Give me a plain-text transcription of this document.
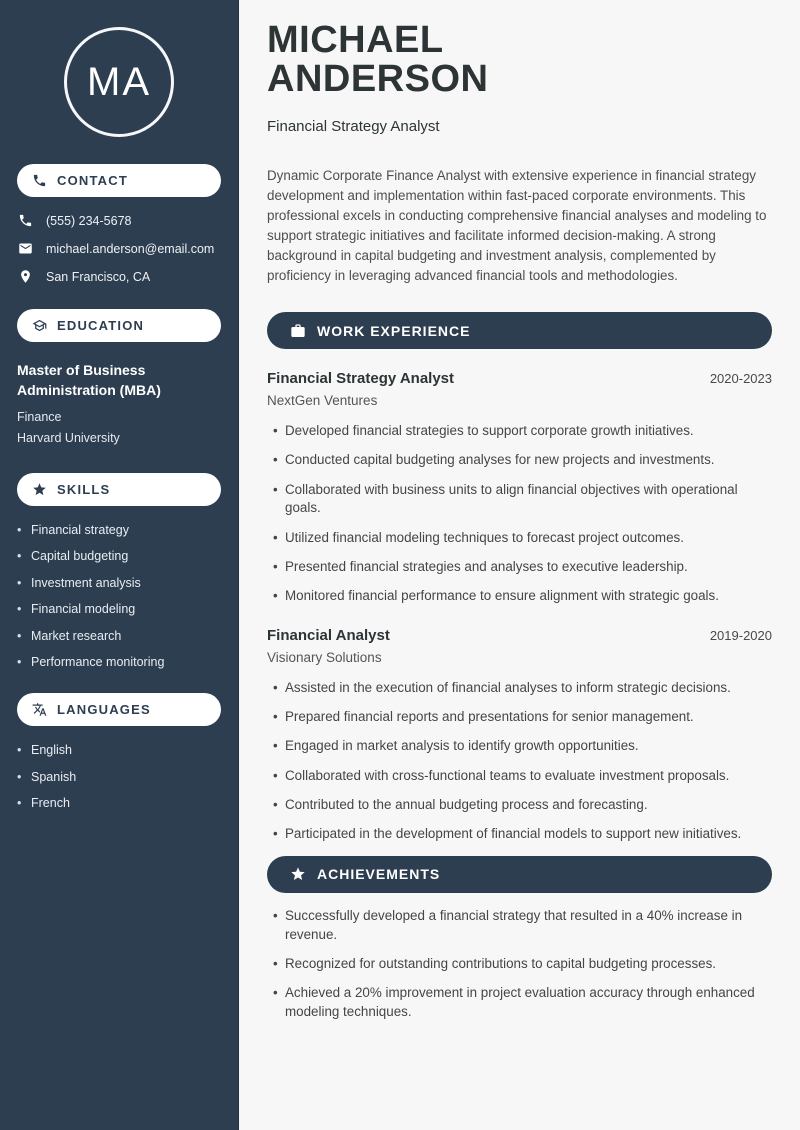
MA
CONTACT
(555) 234-5678
michael.anderson@email.com
San Francisco, CA
EDUCATION
Master of Business Administration (MBA)
Finance
Harvard University
SKILLS
• Financial strategy
• Capital budgeting
• Investment analysis
• Financial modeling
• Market research
• Performance monitoring
LANGUAGES
• English
• Spanish
• French
MICHAEL ANDERSON
Financial Strategy Analyst

Dynamic Corporate Finance Analyst with extensive experience in financial strategy development and implementation within fast-paced corporate environments. This professional excels in conducting comprehensive financial analyses and modeling to support strategic initiatives and facilitate informed decision-making. A strong background in capital budgeting and investment analysis, complemented by proficiency in leveraging advanced financial tools and methodologies.

WORK EXPERIENCE
Financial Strategy Analyst	2020-2023
NextGen Ventures
• Developed financial strategies to support corporate growth initiatives.
• Conducted capital budgeting analyses for new projects and investments.
• Collaborated with business units to align financial objectives with operational goals.
• Utilized financial modeling techniques to forecast project outcomes.
• Presented financial strategies and analyses to executive leadership.
• Monitored financial performance to ensure alignment with strategic goals.
Financial Analyst	2019-2020
Visionary Solutions
• Assisted in the execution of financial analyses to inform strategic decisions.
• Prepared financial reports and presentations for senior management.
• Engaged in market analysis to identify growth opportunities.
• Collaborated with cross-functional teams to evaluate investment proposals.
• Contributed to the annual budgeting process and forecasting.
• Participated in the development of financial models to support new initiatives.
ACHIEVEMENTS
• Successfully developed a financial strategy that resulted in a 40% increase in revenue.
• Recognized for outstanding contributions to capital budgeting processes.
• Achieved a 20% improvement in project evaluation accuracy through enhanced modeling techniques.
